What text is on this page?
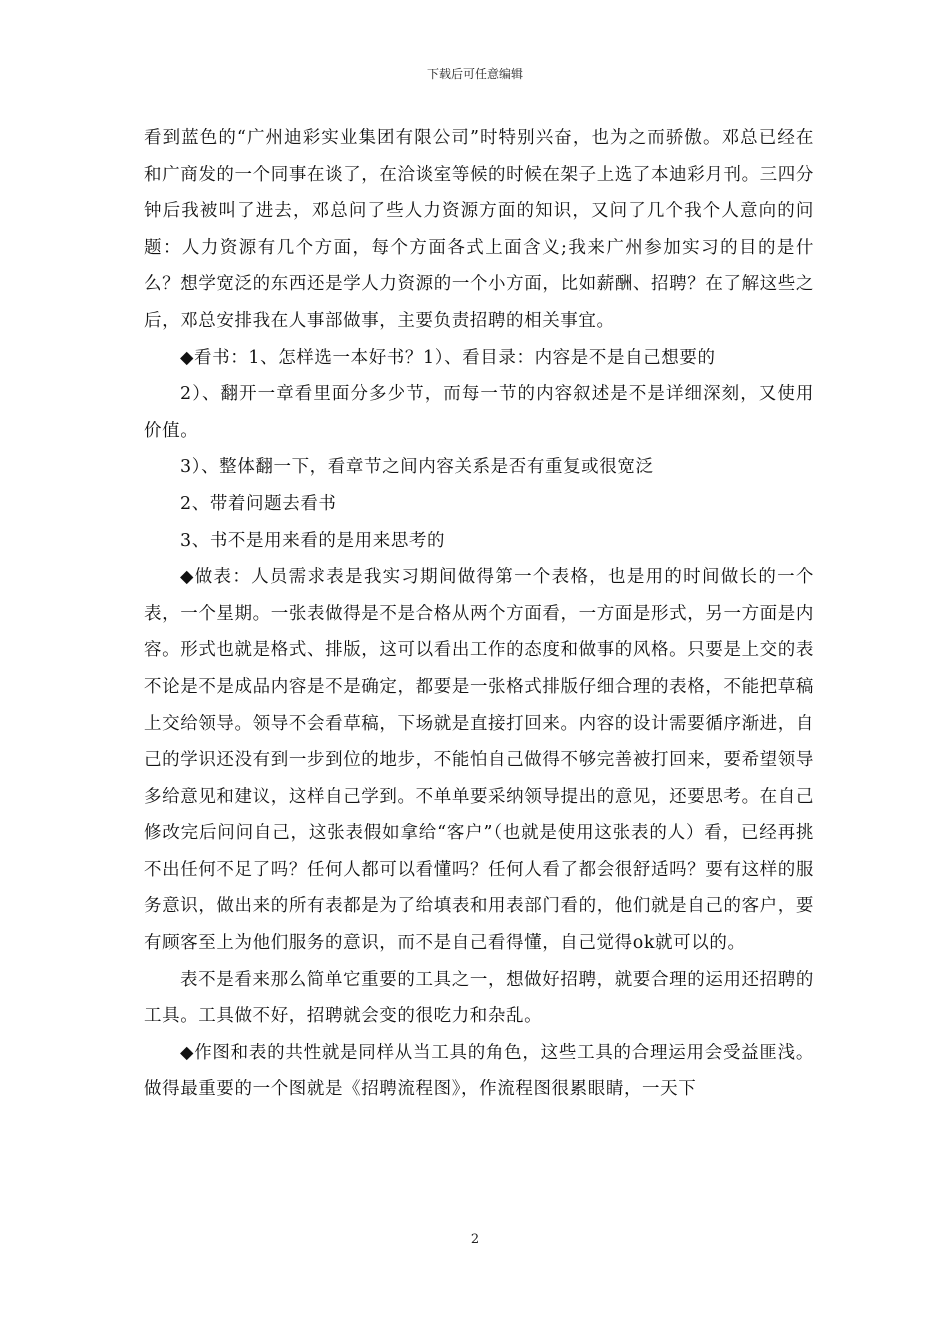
下载后可任意编辑

看到蓝色的“广州迪彩实业集团有限公司”时特别兴奋，也为之而骄傲。邓总已经在和广商发的一个同事在谈了，在洽谈室等候的时候在架子上选了本迪彩月刊。三四分钟后我被叫了进去，邓总问了些人力资源方面的知识，又问了几个我个人意向的问题：人力资源有几个方面，每个方面各式上面含义;我来广州参加实习的目的是什么？想学宽泛的东西还是学人力资源的一个小方面，比如薪酬、招聘？在了解这些之后，邓总安排我在人事部做事，主要负责招聘的相关事宜。

◆看书：1、怎样选一本好书？1）、看目录：内容是不是自己想要的

2）、翻开一章看里面分多少节，而每一节的内容叙述是不是详细深刻，又使用价值。

3）、整体翻一下，看章节之间内容关系是否有重复或很宽泛

2、带着问题去看书

3、书不是用来看的是用来思考的

◆做表：人员需求表是我实习期间做得第一个表格，也是用的时间做长的一个表，一个星期。一张表做得是不是合格从两个方面看，一方面是形式，另一方面是内容。形式也就是格式、排版，这可以看出工作的态度和做事的风格。只要是上交的表不论是不是成品内容是不是确定，都要是一张格式排版仔细合理的表格，不能把草稿上交给领导。领导不会看草稿，下场就是直接打回来。内容的设计需要循序渐进，自己的学识还没有到一步到位的地步，不能怕自己做得不够完善被打回来，要希望领导多给意见和建议，这样自己学到。不单单要采纳领导提出的意见，还要思考。在自己修改完后问问自己，这张表假如拿给“客户”（也就是使用这张表的人）看，已经再挑不出任何不足了吗？任何人都可以看懂吗？任何人看了都会很舒适吗？要有这样的服务意识，做出来的所有表都是为了给填表和用表部门看的，他们就是自己的客户，要有顾客至上为他们服务的意识，而不是自己看得懂，自己觉得ok就可以的。

表不是看来那么简单它重要的工具之一，想做好招聘，就要合理的运用还招聘的工具。工具做不好，招聘就会变的很吃力和杂乱。

◆作图和表的共性就是同样从当工具的角色，这些工具的合理运用会受益匪浅。做得最重要的一个图就是《招聘流程图》，作流程图很累眼睛，一天下

2
